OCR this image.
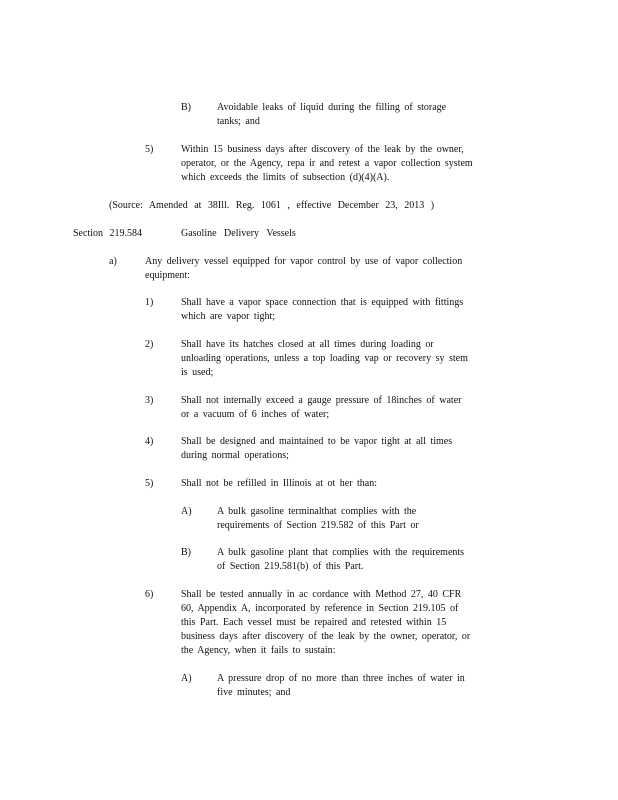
B)	Avoidable leaks of liquid during the filling of storage
tanks; and
5)	Within 15 business days after discovery of the leak by the owner,
operator, or the Agency, repa ir and retest a vapor collection system
which exceeds the limits of subsection (d)(4)(A).
(Source: Amended at 38Ill. Reg. 1061 , effective December 23, 2013 )
Section 219.584	Gasoline Delivery Vessels
a)	Any delivery vessel equipped for vapor control by use of vapor collection
equipment:
1)	Shall have a vapor space connection that is equipped with fittings
which are vapor tight;
2)	Shall have its hatches closed at all times during loading or
unloading operations, unless a top loading vap or recovery sy stem
is used;
3)	Shall not internally exceed a gauge pressure of 18inches of water
or a vacuum of 6 inches of water;
4)	Shall be designed and maintained to be vapor tight at all times
during normal operations;
5)	Shall not be refilled in Illinois at ot her than:
A)	A bulk gasoline terminalthat complies with the
requirements of Section 219.582 of this Part or
B)	A bulk gasoline plant that complies with the requirements
of Section 219.581(b) of this Part.
6)	Shall be tested annually in ac cordance with Method 27, 40 CFR
60, Appendix A, incorporated by reference in Section 219.105 of
this Part. Each vessel must be repaired and retested within 15
business days after discovery of the leak by the owner, operator, or
the Agency, when it fails to sustain:
A)	A pressure drop of no more than three inches of water in
five minutes; and
